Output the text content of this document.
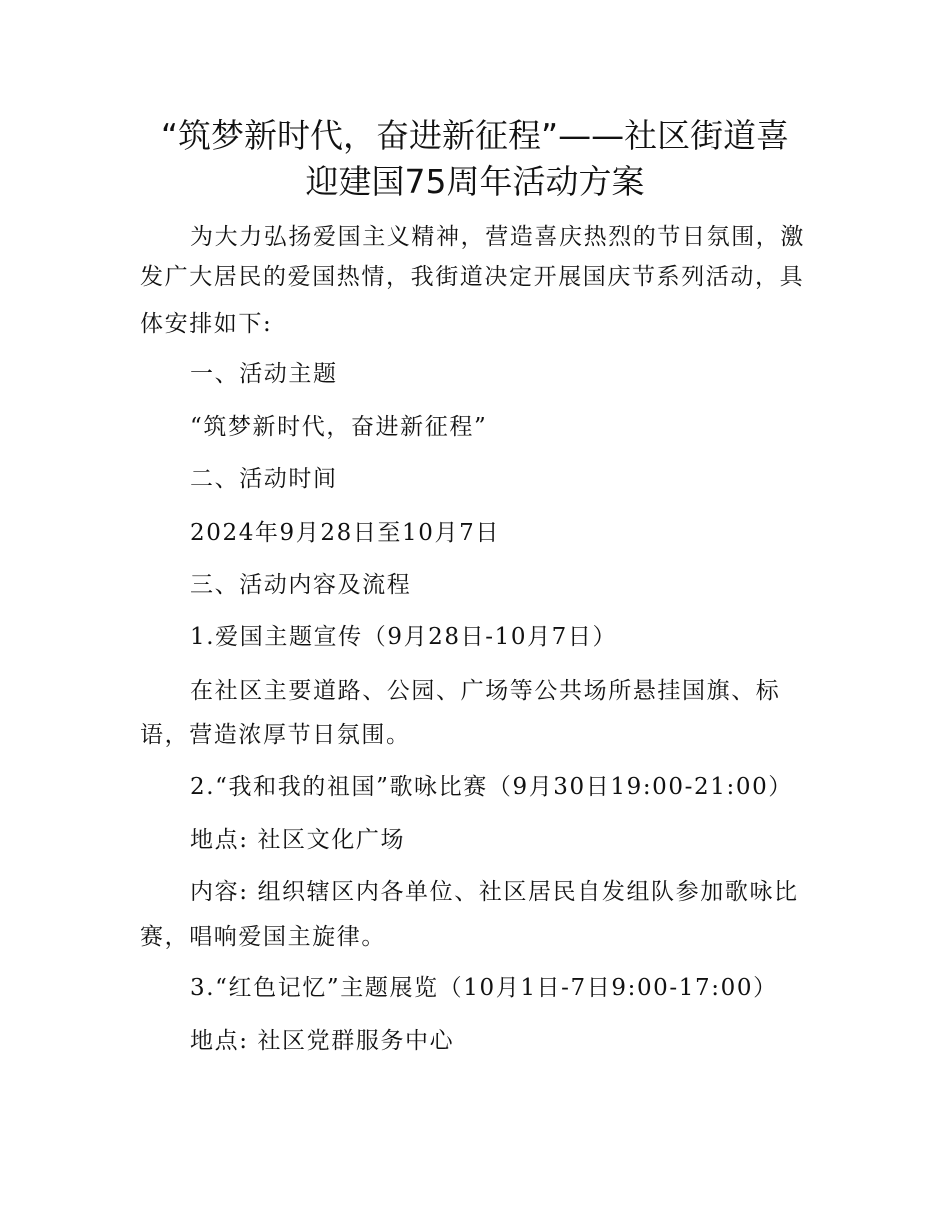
“筑梦新时代，奋进新征程”——社区街道喜
迎建国75周年活动方案

为大力弘扬爱国主义精神，营造喜庆热烈的节日氛围，激

发广大居民的爱国热情，我街道决定开展国庆节系列活动，具

体安排如下:

一、活动主题

“筑梦新时代，奋进新征程”

二、活动时间

2024年9月28日至10月7日

三、活动内容及流程

1.爱国主题宣传（9月28日-10月7日）

在社区主要道路、公园、广场等公共场所悬挂国旗、标

语，营造浓厚节日氛围。

2.“我和我的祖国”歌咏比赛（9月30日19:00-21:00）

地点: 社区文化广场

内容: 组织辖区内各单位、社区居民自发组队参加歌咏比

赛，唱响爱国主旋律。

3.“红色记忆”主题展览（10月1日-7日9:00-17:00）

地点: 社区党群服务中心
